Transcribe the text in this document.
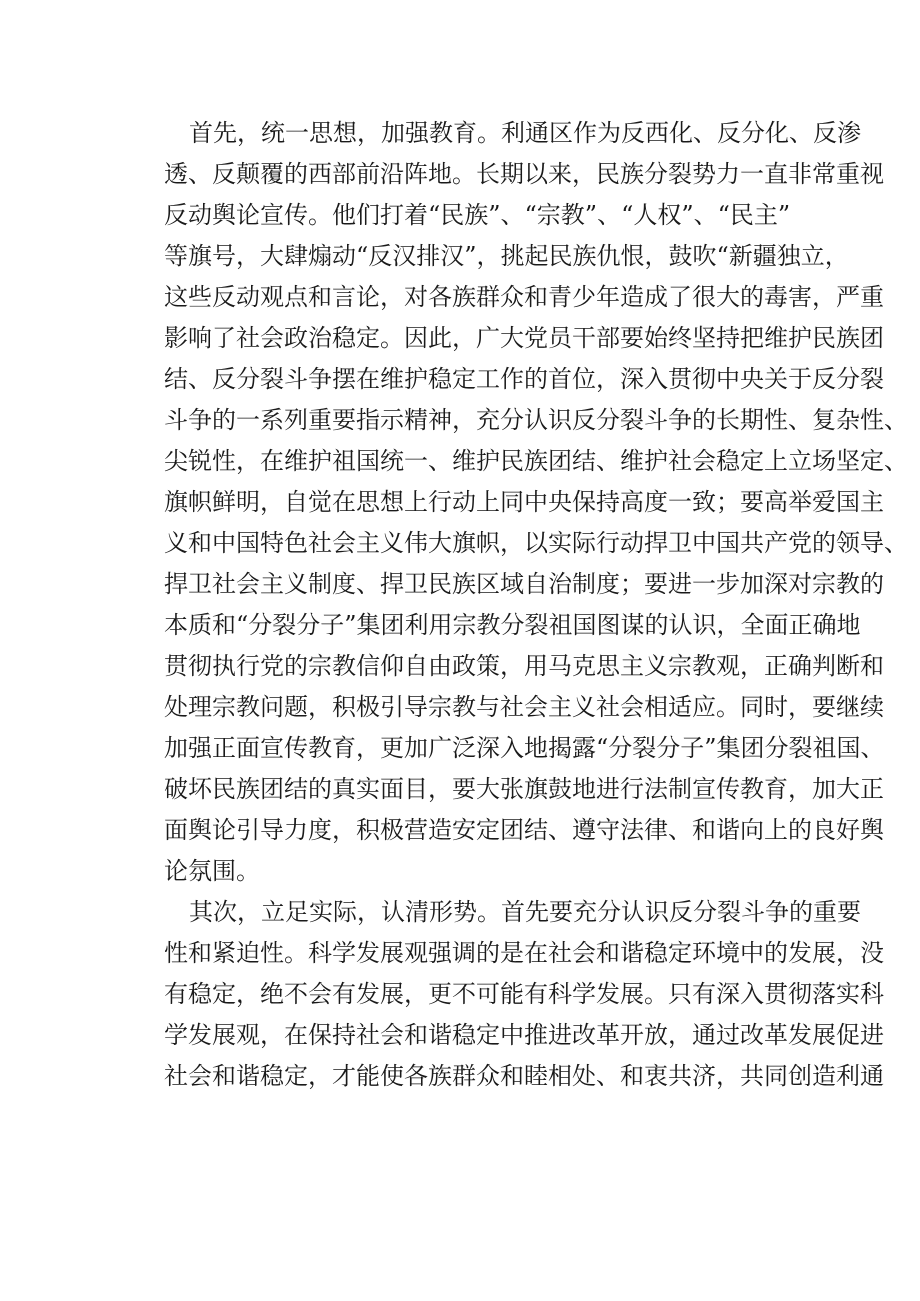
首先，统一思想，加强教育。利通区作为反西化、反分化、反渗
透、反颠覆的西部前沿阵地。长期以来，民族分裂势力一直非常重视
反动舆论宣传。他们打着“民族”、“宗教”、“人权”、“民主”
等旗号，大肆煽动“反汉排汉”，挑起民族仇恨，鼓吹“新疆独立，
这些反动观点和言论，对各族群众和青少年造成了很大的毒害，严重
影响了社会政治稳定。因此，广大党员干部要始终坚持把维护民族团
结、反分裂斗争摆在维护稳定工作的首位，深入贯彻中央关于反分裂
斗争的一系列重要指示精神，充分认识反分裂斗争的长期性、复杂性、
尖锐性，在维护祖国统一、维护民族团结、维护社会稳定上立场坚定、
旗帜鲜明，自觉在思想上行动上同中央保持高度一致；要高举爱国主
义和中国特色社会主义伟大旗帜，以实际行动捍卫中国共产党的领导、
捍卫社会主义制度、捍卫民族区域自治制度；要进一步加深对宗教的
本质和“分裂分子”集团利用宗教分裂祖国图谋的认识，全面正确地
贯彻执行党的宗教信仰自由政策，用马克思主义宗教观，正确判断和
处理宗教问题，积极引导宗教与社会主义社会相适应。同时，要继续
加强正面宣传教育，更加广泛深入地揭露“分裂分子”集团分裂祖国、
破坏民族团结的真实面目，要大张旗鼓地进行法制宣传教育，加大正
面舆论引导力度，积极营造安定团结、遵守法律、和谐向上的良好舆
论氛围。
其次，立足实际，认清形势。首先要充分认识反分裂斗争的重要
性和紧迫性。科学发展观强调的是在社会和谐稳定环境中的发展，没
有稳定，绝不会有发展，更不可能有科学发展。只有深入贯彻落实科
学发展观，在保持社会和谐稳定中推进改革开放，通过改革发展促进
社会和谐稳定，才能使各族群众和睦相处、和衷共济，共同创造利通
